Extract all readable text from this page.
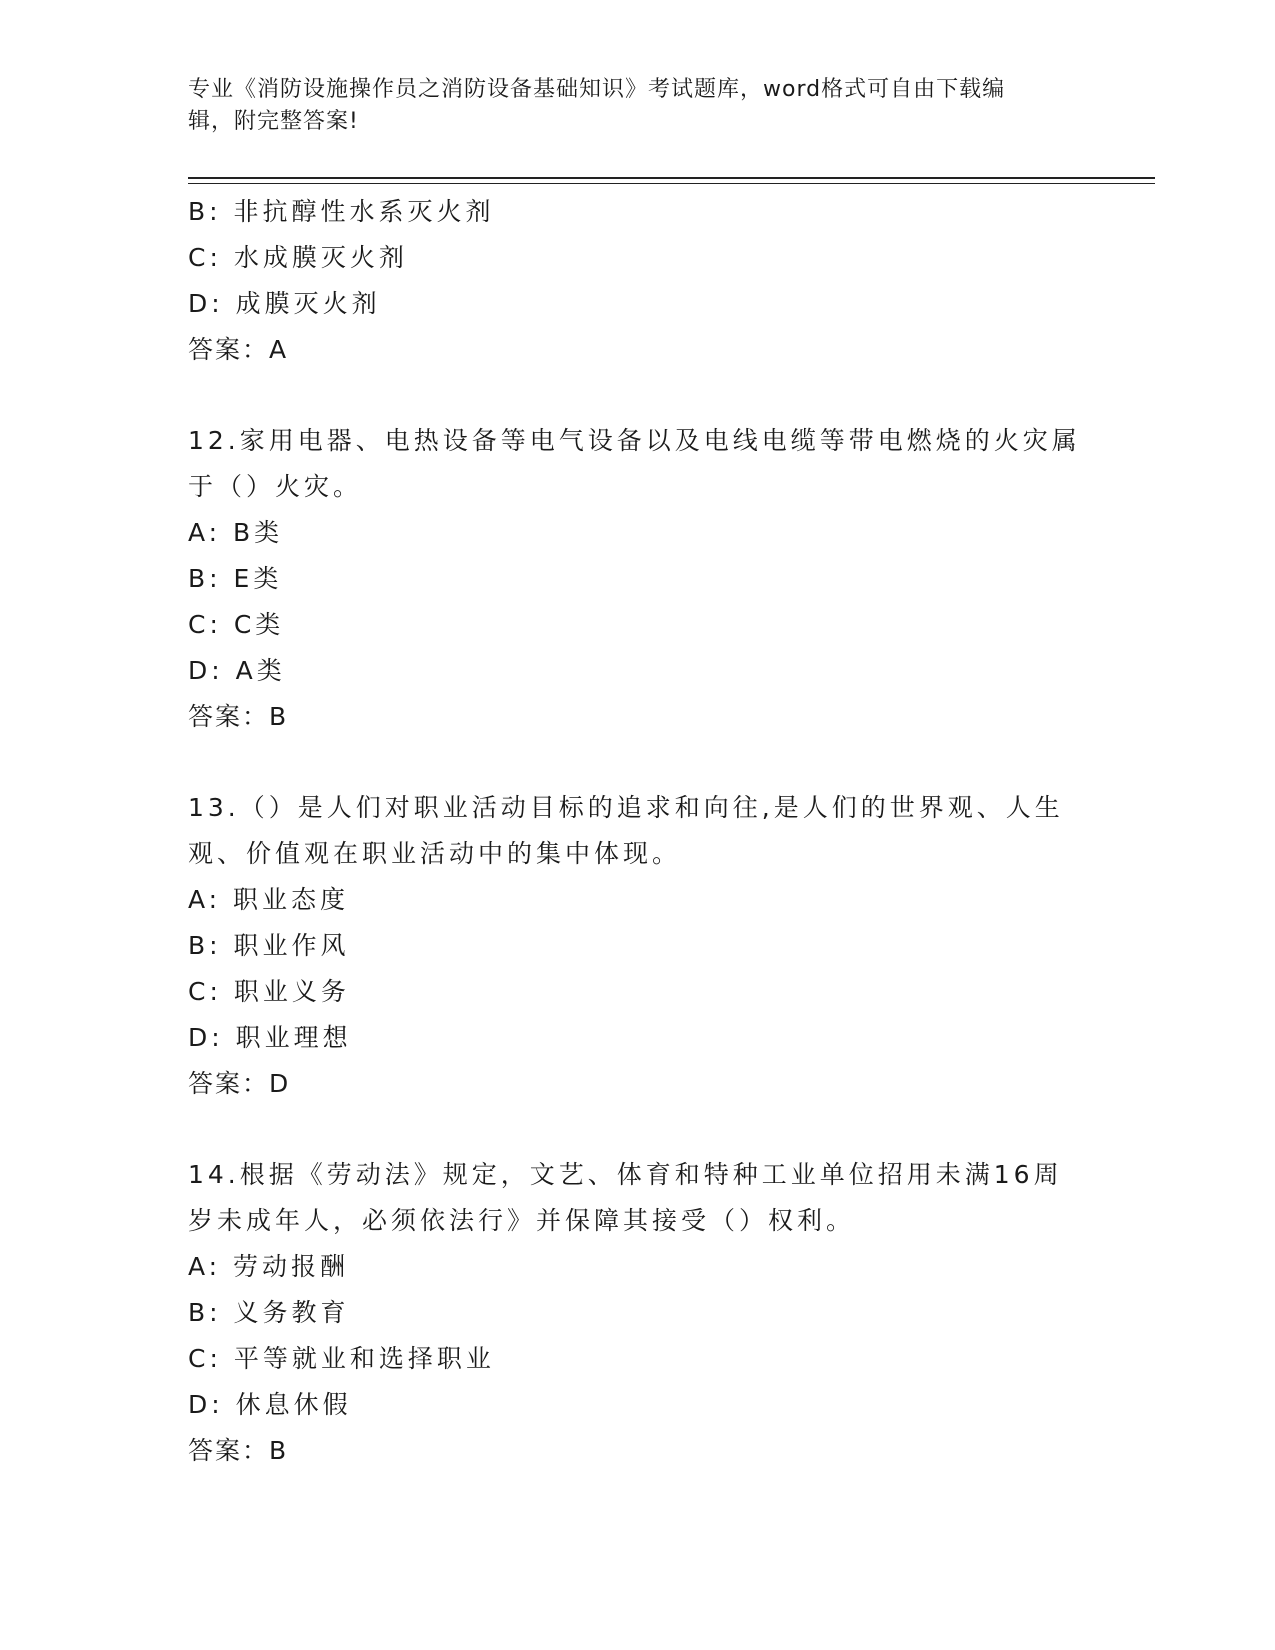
专业《消防设施操作员之消防设备基础知识》考试题库，word格式可自由下载编
辑，附完整答案!
B: 非抗醇性水系灭火剂
C: 水成膜灭火剂
D: 成膜灭火剂
答案：A
12.家用电器、电热设备等电气设备以及电线电缆等带电燃烧的火灾属
于（）火灾。
A: B类
B: E类
C: C类
D: A类
答案：B
13.（）是人们对职业活动目标的追求和向往,是人们的世界观、人生
观、价值观在职业活动中的集中体现。
A: 职业态度
B: 职业作风
C: 职业义务
D: 职业理想
答案：D
14.根据《劳动法》规定，文艺、体育和特种工业单位招用未满16周
岁未成年人，必须依法行》并保障其接受（）权利。
A: 劳动报酬
B: 义务教育
C: 平等就业和选择职业
D: 休息休假
答案：B
